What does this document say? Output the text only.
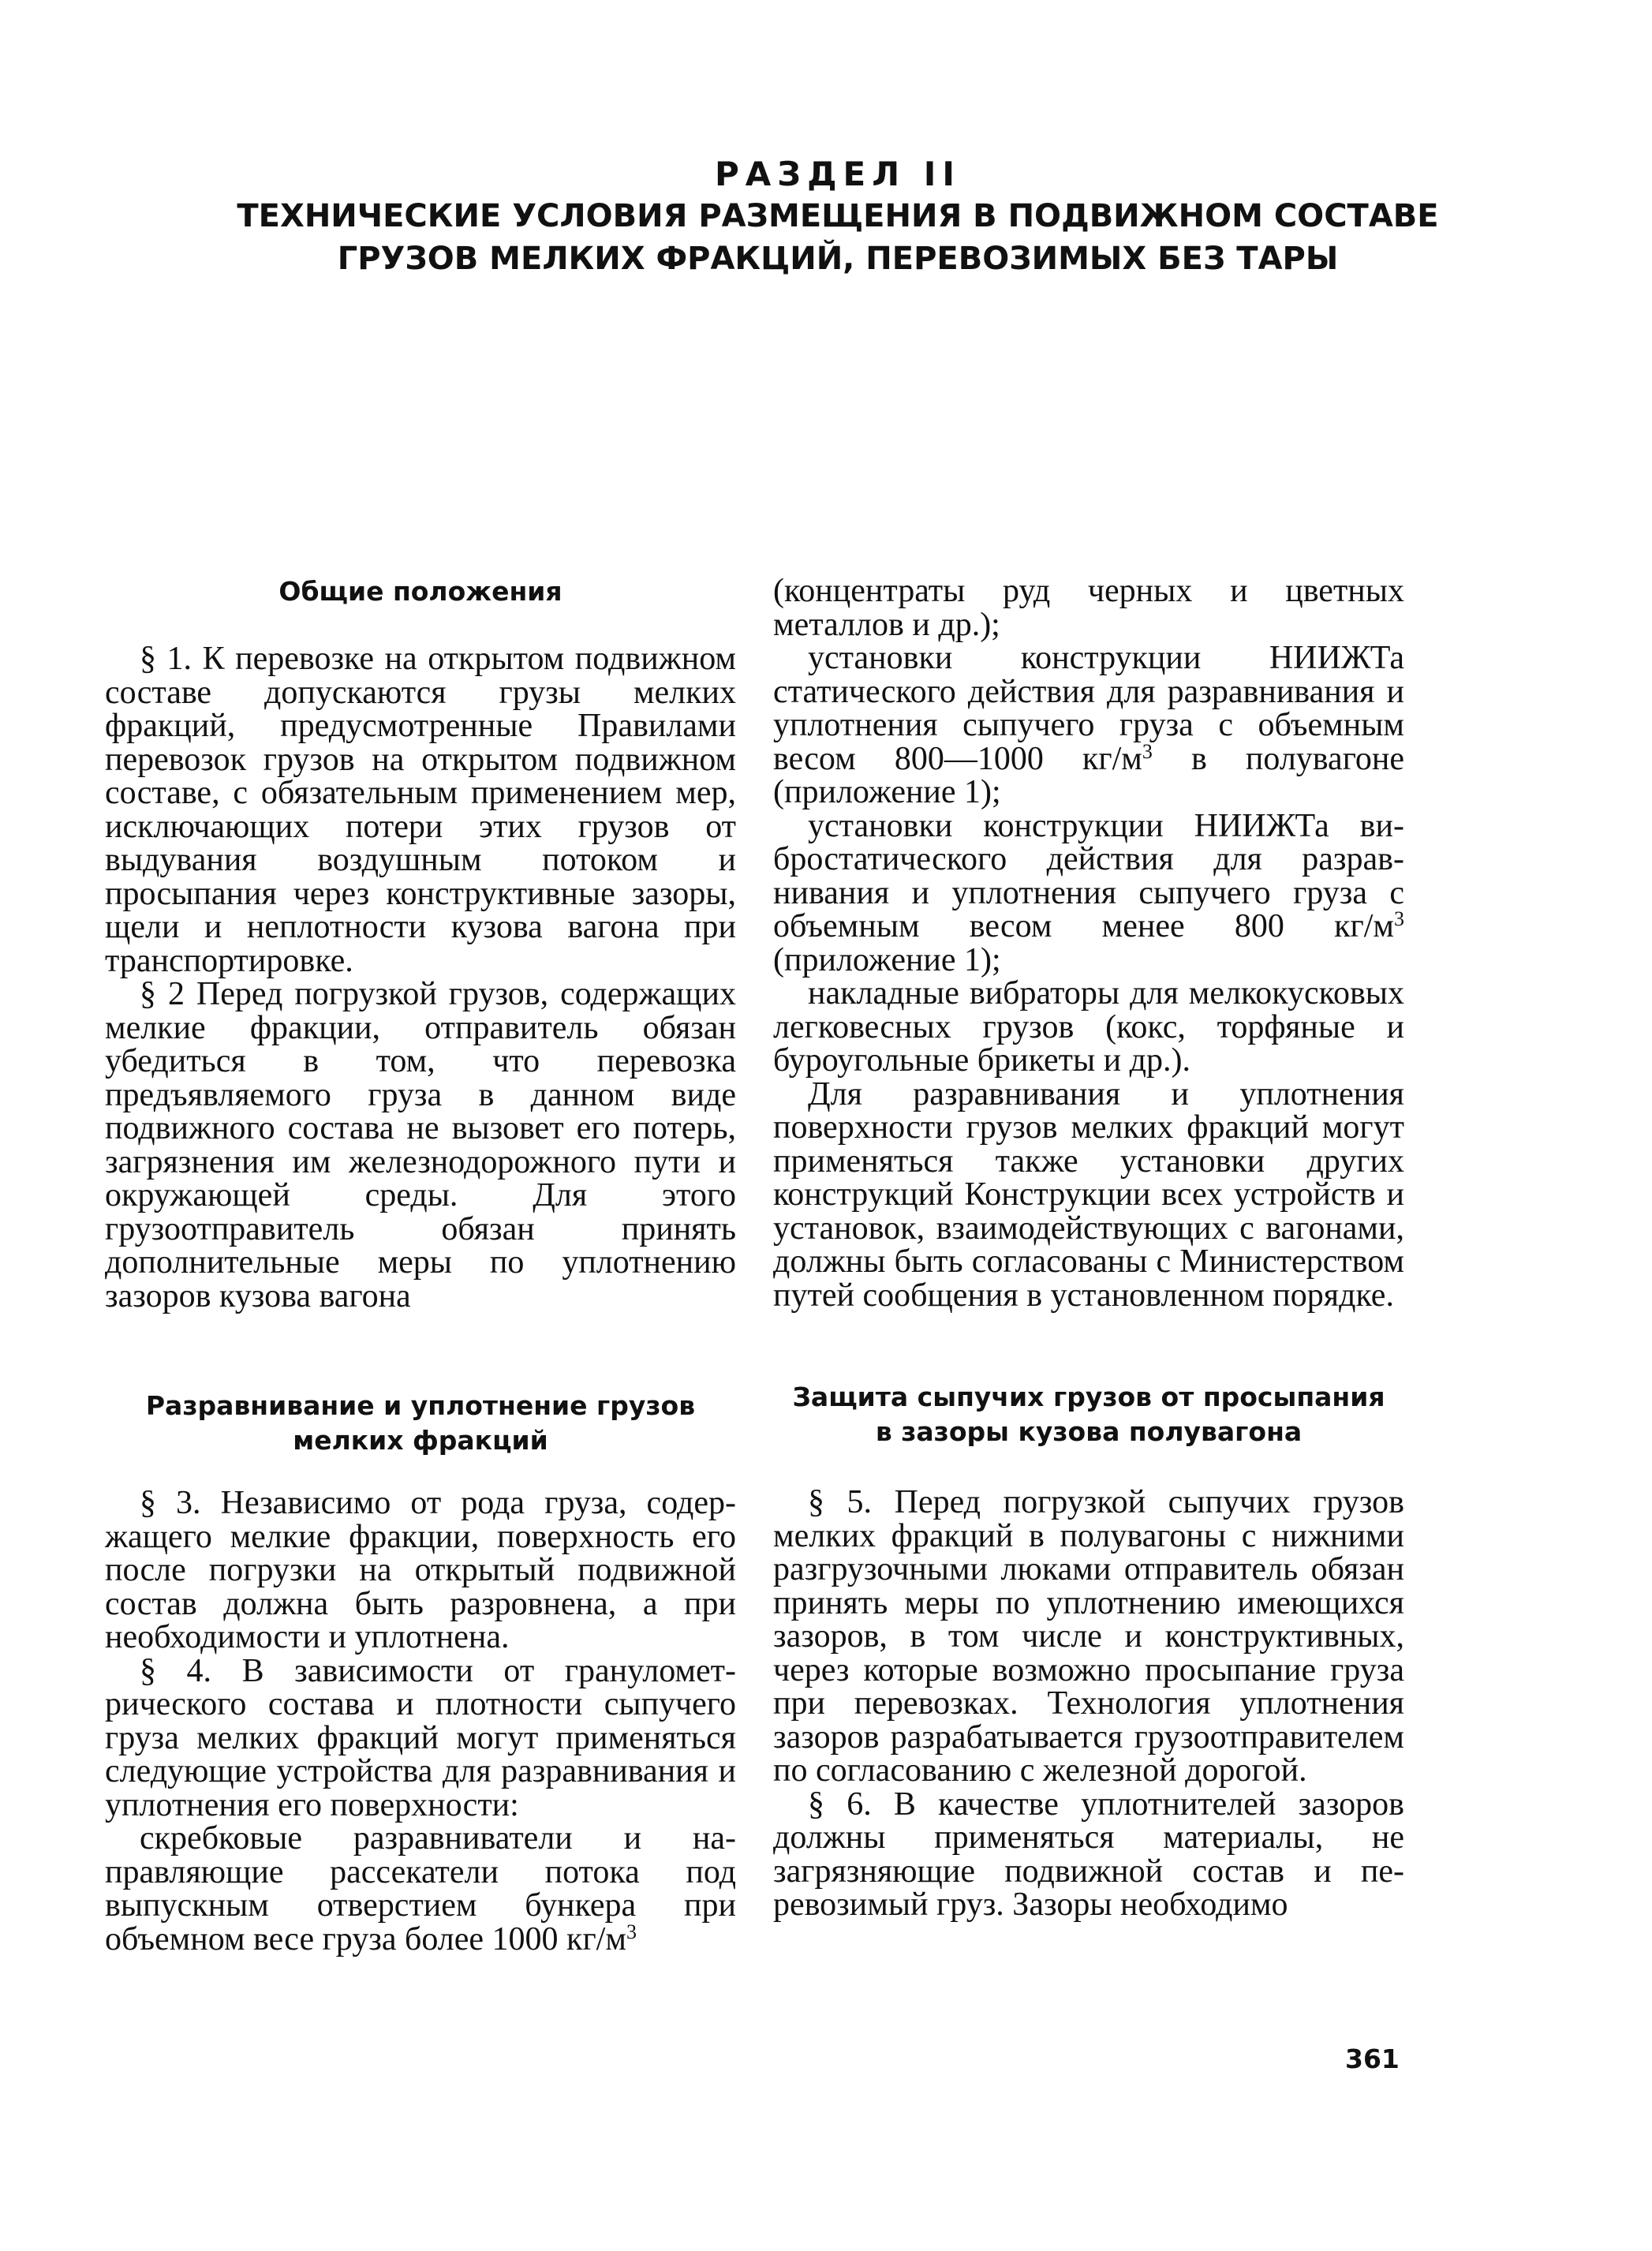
РАЗДЕЛ II
ТЕХНИЧЕСКИЕ УСЛОВИЯ РАЗМЕЩЕНИЯ В ПОДВИЖНОМ СОСТАВЕ
ГРУЗОВ МЕЛКИХ ФРАКЦИЙ, ПЕРЕВОЗИМЫХ БЕЗ ТАРЫ
Общие положения

§ 1. К перевозке на открытом подвижном составе допускаются грузы мелких фракций, предусмотренные Правилами перевозок грузов на открытом подвижном составе, с обязательным применением мер, исключающих потери этих грузов от выдувания воздушным потоком и просыпания через конструктивные зазоры, щели и неплотности кузова вагона при транспортировке.

§ 2 Перед погрузкой грузов, содержащих мелкие фракции, отправитель обязан убедиться в том, что перевозка предъявляемого груза в данном виде подвижного состава не вызовет его потерь, загрязнения им железнодорожного пути и окружающей среды. Для этого грузоотправитель обязан принять дополнительные меры по уплотнению зазоров кузова вагона

Разравнивание и уплотнение грузов
мелких фракций

§ 3. Независимо от рода груза, содержащего мелкие фракции, поверхность его после погрузки на открытый подвижной состав должна быть разровнена, а при необходимости и уплотнена.

§ 4. В зависимости от гранулометрического состава и плотности сыпучего груза мелких фракций могут применяться следующие устройства для разравнивания и уплотнения его поверхности:

скребковые разравниватели и направляющие рассекатели потока под выпускным отверстием бункера при объемном весе груза более 1000 $кг/м^3$

(концентраты руд черных и цветных металлов и др.);

установки конструкции НИИЖТа статического действия для разравнивания и уплотнения сыпучего груза с объемным весом 800—1000 $кг/м^3$ в полувагоне (приложение 1);

установки конструкции НИИЖТа вибростатического действия для разравнивания и уплотнения сыпучего груза с объемным весом менее 800 $кг/м^3$ (приложение 1);

накладные вибраторы для мелкокусковых легковесных грузов (кокс, торфяные и буроугольные брикеты и др.).

Для разравнивания и уплотнения поверхности грузов мелких фракций могут применяться также установки других конструкций Конструкции всех устройств и установок, взаимодействующих с вагонами, должны быть согласованы с Министерством путей сообщения в установленном порядке.

Защита сыпучих грузов от просыпания
в зазоры кузова полувагона

§ 5. Перед погрузкой сыпучих грузов мелких фракций в полувагоны с нижними разгрузочными люками отправитель обязан принять меры по уплотнению имеющихся зазоров, в том числе и конструктивных, через которые возможно просыпание груза при перевозках. Технология уплотнения зазоров разрабатывается грузоотправителем по согласованию с железной дорогой.

§ 6. В качестве уплотнителей зазоров должны применяться материалы, не загрязняющие подвижной состав и перевозимый груз. Зазоры необходимо

361
